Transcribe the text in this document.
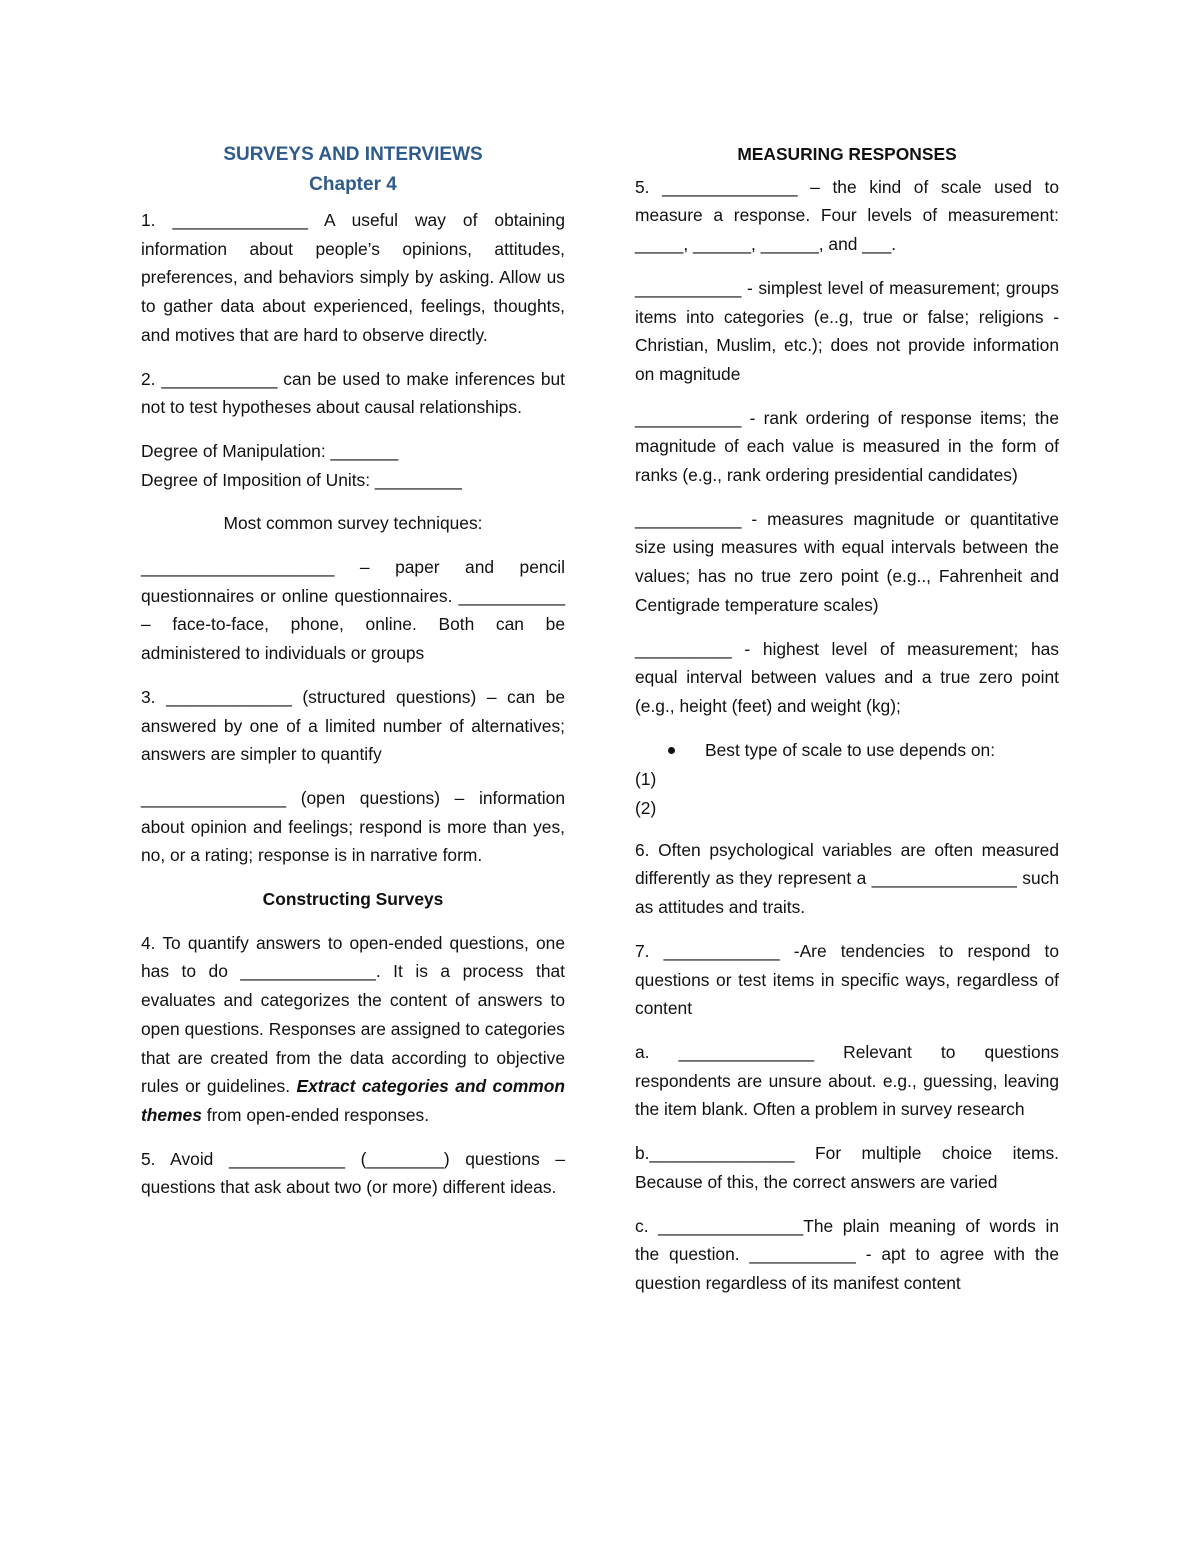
SURVEYS AND INTERVIEWS
Chapter 4

1. ______________ A useful way of obtaining information about people’s opinions, attitudes, preferences, and behaviors simply by asking. Allow us to gather data about experienced, feelings, thoughts, and motives that are hard to observe directly.

2. ____________ can be used to make inferences but not to test hypotheses about causal relationships.

Degree of Manipulation: _______

Degree of Imposition of Units: _________

Most common survey techniques:

____________________ – paper and pencil questionnaires or online questionnaires. ___________ – face-to-face, phone, online. Both can be administered to individuals or groups

3. _____________ (structured questions) – can be answered by one of a limited number of alternatives; answers are simpler to quantify

_______________ (open questions) – information about opinion and feelings; respond is more than yes, no, or a rating; response is in narrative form.

Constructing Surveys

4. To quantify answers to open-ended questions, one has to do ______________. It is a process that evaluates and categorizes the content of answers to open questions. Responses are assigned to categories that are created from the data according to objective rules or guidelines. Extract categories and common themes from open-ended responses.

5. Avoid ____________ (________) questions – questions that ask about two (or more) different ideas.

MEASURING RESPONSES

5. ______________ – the kind of scale used to measure a response. Four levels of measurement: _____, ______, ______, and ___.

___________ - simplest level of measurement; groups items into categories (e..g, true or false; religions - Christian, Muslim, etc.); does not provide information on magnitude

___________ - rank ordering of response items; the magnitude of each value is measured in the form of ranks (e.g., rank ordering presidential candidates)

___________ - measures magnitude or quantitative size using measures with equal intervals between the values; has no true zero point (e.g.., Fahrenheit and Centigrade temperature scales)

__________ - highest level of measurement; has equal interval between values and a true zero point (e.g., height (feet) and weight (kg);

Best type of scale to use depends on:
(1)
(2)

6. Often psychological variables are often measured differently as they represent a _______________ such as attitudes and traits.

7. ____________ -Are tendencies to respond to questions or test items in specific ways, regardless of content

a. ______________ Relevant to questions respondents are unsure about. e.g., guessing, leaving the item blank. Often a problem in survey research

b._______________ For multiple choice items. Because of this, the correct answers are varied

c. _______________The plain meaning of words in the question. ___________ - apt to agree with the question regardless of its manifest content
